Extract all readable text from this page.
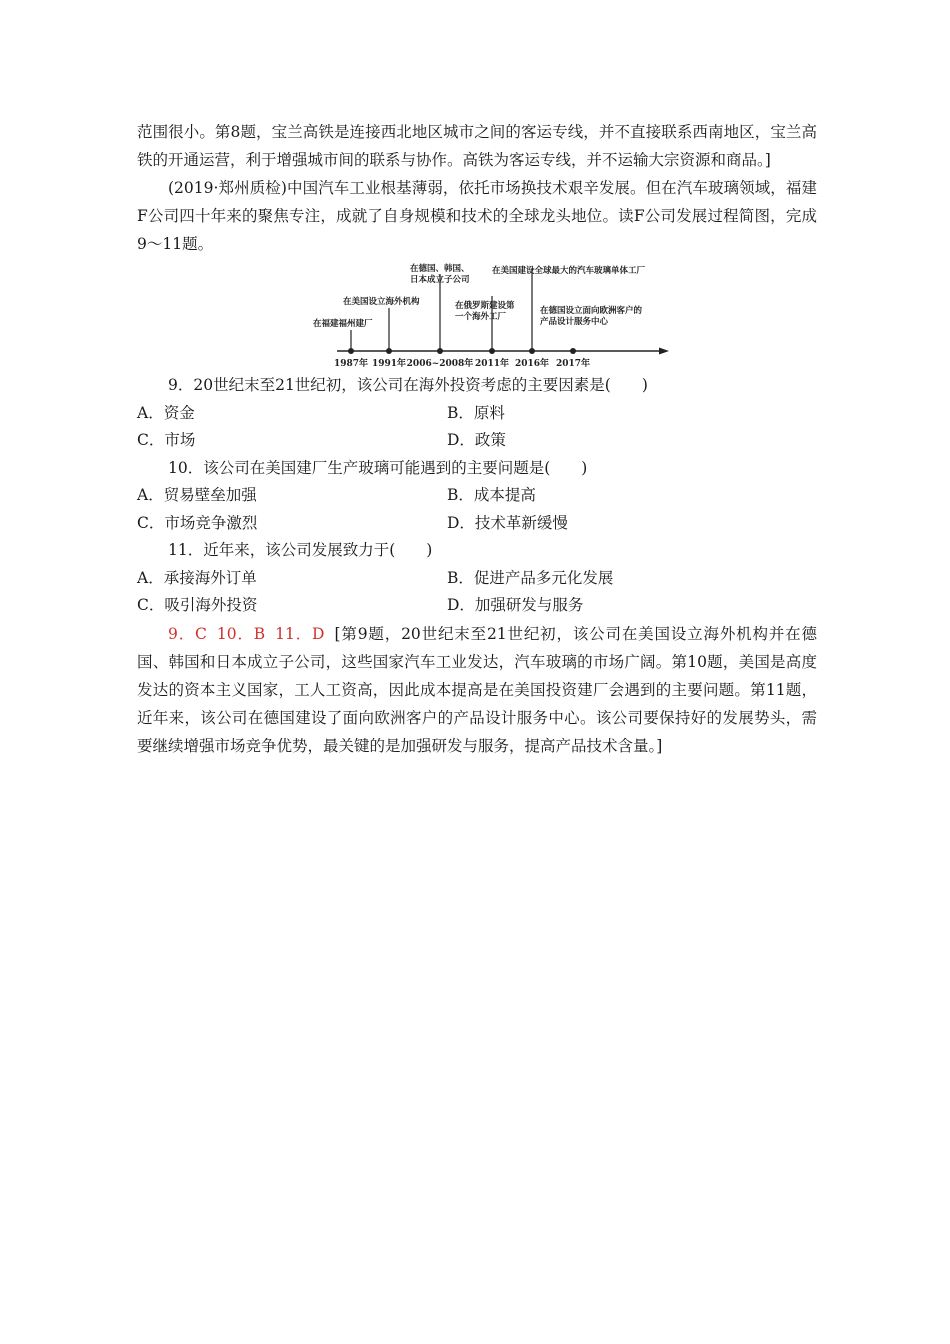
范围很小。第8题，宝兰高铁是连接西北地区城市之间的客运专线，并不直接联系西南地区，宝兰高铁的开通运营，利于增强城市间的联系与协作。高铁为客运专线，并不运输大宗资源和商品。]

(2019·郑州质检)中国汽车工业根基薄弱，依托市场换技术艰辛发展。但在汽车玻璃领域，福建F公司四十年来的聚焦专注，成就了自身规模和技术的全球龙头地位。读F公司发展过程简图，完成9～11题。

1987年 1991年 2006~2008年 2011年 2016年 2017年
在福建福州建厂
在美国设立海外机构
在德国、韩国、
日本成立子公司
在俄罗斯建设第
一个海外工厂
在美国建设全球最大的汽车玻璃单体工厂
在德国设立面向欧洲客户的
产品设计服务中心

9．20世纪末至21世纪初，该公司在海外投资考虑的主要因素是(　　)

A．资金	B．原料
C．市场	D．政策

10．该公司在美国建厂生产玻璃可能遇到的主要问题是(　　)

A．贸易壁垒加强	B．成本提高
C．市场竞争激烈	D．技术革新缓慢

11．近年来，该公司发展致力于(　　)

A．承接海外订单	B．促进产品多元化发展
C．吸引海外投资	D．加强研发与服务

9．C 10．B 11．D [第9题，20世纪末至21世纪初，该公司在美国设立海外机构并在德国、韩国和日本成立子公司，这些国家汽车工业发达，汽车玻璃的市场广阔。第10题，美国是高度发达的资本主义国家，工人工资高，因此成本提高是在美国投资建厂会遇到的主要问题。第11题，近年来，该公司在德国建设了面向欧洲客户的产品设计服务中心。该公司要保持好的发展势头，需要继续增强市场竞争优势，最关键的是加强研发与服务，提高产品技术含量。]
